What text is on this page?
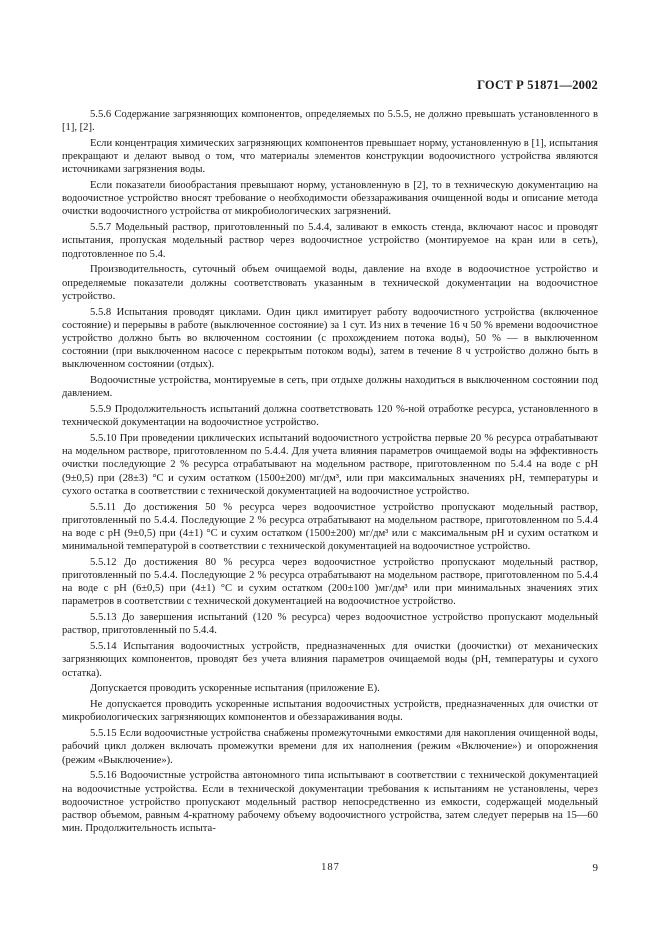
ГОСТ Р 51871—2002

5.5.6 Содержание загрязняющих компонентов, определяемых по 5.5.5, не должно превышать установленного в [1], [2].

Если концентрация химических загрязняющих компонентов превышает норму, установленную в [1], испытания прекращают и делают вывод о том, что материалы элементов конструкции водоочистного устройства являются источниками загрязнения воды.

Если показатели биообрастания превышают норму, установленную в [2], то в техническую документацию на водоочистное устройство вносят требование о необходимости обеззараживания очищенной воды и описание метода очистки водоочистного устройства от микробиологических загрязнений.

5.5.7 Модельный раствор, приготовленный по 5.4.4, заливают в емкость стенда, включают насос и проводят испытания, пропуская модельный раствор через водоочистное устройство (монтируемое на кран или в сеть), подготовленное по 5.4.

Производительность, суточный объем очищаемой воды, давление на входе в водоочистное устройство и определяемые показатели должны соответствовать указанным в технической документации на водоочистное устройство.

5.5.8 Испытания проводят циклами. Один цикл имитирует работу водоочистного устройства (включенное состояние) и перерывы в работе (выключенное состояние) за 1 сут. Из них в течение 16 ч 50 % времени водоочистное устройство должно быть во включенном состоянии (с прохождением потока воды), 50 % — в выключенном состоянии (при выключенном насосе с перекрытым потоком воды), затем в течение 8 ч устройство должно быть в выключенном состоянии (отдых).

Водоочистные устройства, монтируемые в сеть, при отдыхе должны находиться в выключенном состоянии под давлением.

5.5.9 Продолжительность испытаний должна соответствовать 120 %-ной отработке ресурса, установленного в технической документации на водоочистное устройство.

5.5.10 При проведении циклических испытаний водоочистного устройства первые 20 % ресурса отрабатывают на модельном растворе, приготовленном по 5.4.4. Для учета влияния параметров очищаемой воды на эффективность очистки последующие 2 % ресурса отрабатывают на модельном растворе, приготовленном по 5.4.4 на воде с pH (9±0,5) при (28±3) °С и сухим остатком (1500±200) мг/дм³, или при максимальных значениях pH, температуры и сухого остатка в соответствии с технической документацией на водоочистное устройство.

5.5.11 До достижения 50 % ресурса через водоочистное устройство пропускают модельный раствор, приготовленный по 5.4.4. Последующие 2 % ресурса отрабатывают на модельном растворе, приготовленном по 5.4.4 на воде с pH (9±0,5) при (4±1) °С и сухим остатком (1500±200) мг/дм³ или с максимальным pH и сухим остатком и минимальной температурой в соответствии с технической документацией на водоочистное устройство.

5.5.12 До достижения 80 % ресурса через водоочистное устройство пропускают модельный раствор, приготовленный по 5.4.4. Последующие 2 % ресурса отрабатывают на модельном растворе, приготовленном по 5.4.4 на воде с pH (6±0,5) при (4±1) °С и сухим остатком (200±100 )мг/дм³ или при минимальных значениях этих параметров в соответствии с технической документацией на водоочистное устройство.

5.5.13 До завершения испытаний (120 % ресурса) через водоочистное устройство пропускают модельный раствор, приготовленный по 5.4.4.

5.5.14 Испытания водоочистных устройств, предназначенных для очистки (доочистки) от механических загрязняющих компонентов, проводят без учета влияния параметров очищаемой воды (pH, температуры и сухого остатка).

Допускается проводить ускоренные испытания (приложение Е).

Не допускается проводить ускоренные испытания водоочистных устройств, предназначенных для очистки от микробиологических загрязняющих компонентов и обеззараживания воды.

5.5.15 Если водоочистные устройства снабжены промежуточными емкостями для накопления очищенной воды, рабочий цикл должен включать промежутки времени для их наполнения (режим «Включение») и опорожнения (режим «Выключение»).

5.5.16 Водоочистные устройства автономного типа испытывают в соответствии с технической документацией на водоочистные устройства. Если в технической документации требования к испытаниям не установлены, через водоочистное устройство пропускают модельный раствор непосредственно из емкости, содержащей модельный раствор объемом, равным 4-кратному рабочему объему водоочистного устройства, затем следует перерыв на 15—60 мин. Продолжительность испыта-

187	9
